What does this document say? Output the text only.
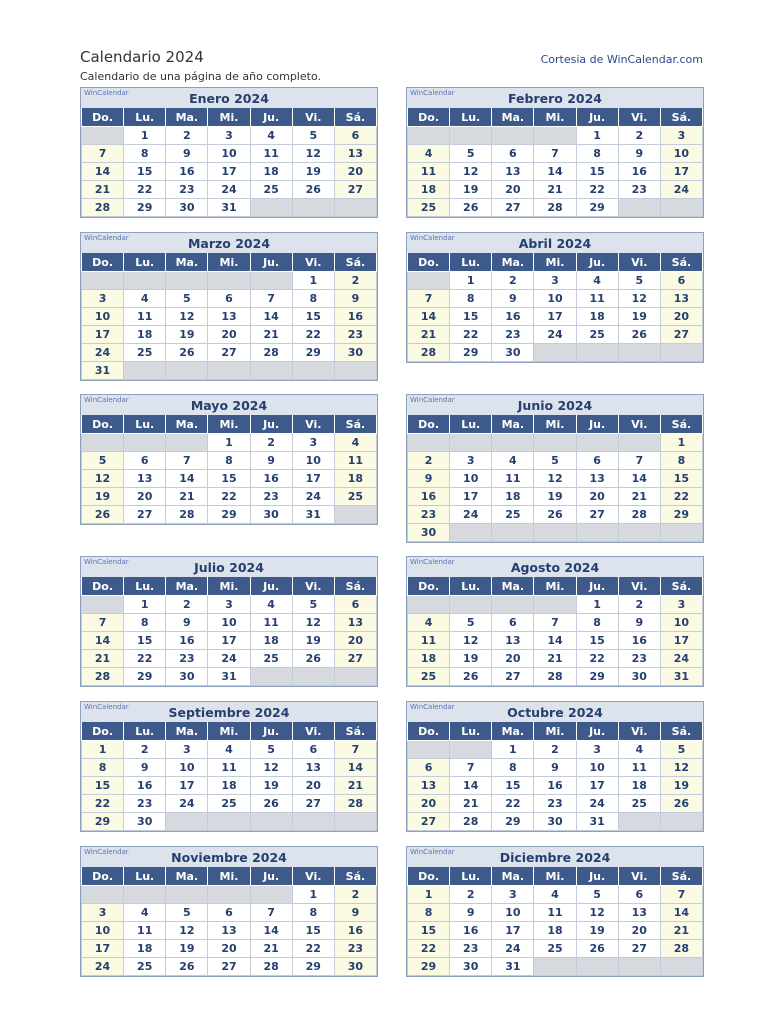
Calendario 2024
Calendario de una página de año completo.
Cortesia de WinCalendar.com
WinCalendar	Enero 2024
Do.	Lu.	Ma.	Mi.	Ju.	Vi.	Sá.
	1	2	3	4	5	6
7	8	9	10	11	12	13
14	15	16	17	18	19	20
21	22	23	24	25	26	27
28	29	30	31			
WinCalendar	Febrero 2024
Do.	Lu.	Ma.	Mi.	Ju.	Vi.	Sá.
				1	2	3
4	5	6	7	8	9	10
11	12	13	14	15	16	17
18	19	20	21	22	23	24
25	26	27	28	29		
WinCalendar	Marzo 2024
Do.	Lu.	Ma.	Mi.	Ju.	Vi.	Sá.
					1	2
3	4	5	6	7	8	9
10	11	12	13	14	15	16
17	18	19	20	21	22	23
24	25	26	27	28	29	30
31						
WinCalendar	Abril 2024
Do.	Lu.	Ma.	Mi.	Ju.	Vi.	Sá.
	1	2	3	4	5	6
7	8	9	10	11	12	13
14	15	16	17	18	19	20
21	22	23	24	25	26	27
28	29	30				
WinCalendar	Mayo 2024
Do.	Lu.	Ma.	Mi.	Ju.	Vi.	Sá.
			1	2	3	4
5	6	7	8	9	10	11
12	13	14	15	16	17	18
19	20	21	22	23	24	25
26	27	28	29	30	31	
WinCalendar	Junio 2024
Do.	Lu.	Ma.	Mi.	Ju.	Vi.	Sá.
						1
2	3	4	5	6	7	8
9	10	11	12	13	14	15
16	17	18	19	20	21	22
23	24	25	26	27	28	29
30						
WinCalendar	Julio 2024
Do.	Lu.	Ma.	Mi.	Ju.	Vi.	Sá.
	1	2	3	4	5	6
7	8	9	10	11	12	13
14	15	16	17	18	19	20
21	22	23	24	25	26	27
28	29	30	31			
WinCalendar	Agosto 2024
Do.	Lu.	Ma.	Mi.	Ju.	Vi.	Sá.
				1	2	3
4	5	6	7	8	9	10
11	12	13	14	15	16	17
18	19	20	21	22	23	24
25	26	27	28	29	30	31
WinCalendar	Septiembre 2024
Do.	Lu.	Ma.	Mi.	Ju.	Vi.	Sá.
1	2	3	4	5	6	7
8	9	10	11	12	13	14
15	16	17	18	19	20	21
22	23	24	25	26	27	28
29	30					
WinCalendar	Octubre 2024
Do.	Lu.	Ma.	Mi.	Ju.	Vi.	Sá.
		1	2	3	4	5
6	7	8	9	10	11	12
13	14	15	16	17	18	19
20	21	22	23	24	25	26
27	28	29	30	31		
WinCalendar	Noviembre 2024
Do.	Lu.	Ma.	Mi.	Ju.	Vi.	Sá.
					1	2
3	4	5	6	7	8	9
10	11	12	13	14	15	16
17	18	19	20	21	22	23
24	25	26	27	28	29	30
WinCalendar	Diciembre 2024
Do.	Lu.	Ma.	Mi.	Ju.	Vi.	Sá.
1	2	3	4	5	6	7
8	9	10	11	12	13	14
15	16	17	18	19	20	21
22	23	24	25	26	27	28
29	30	31				
